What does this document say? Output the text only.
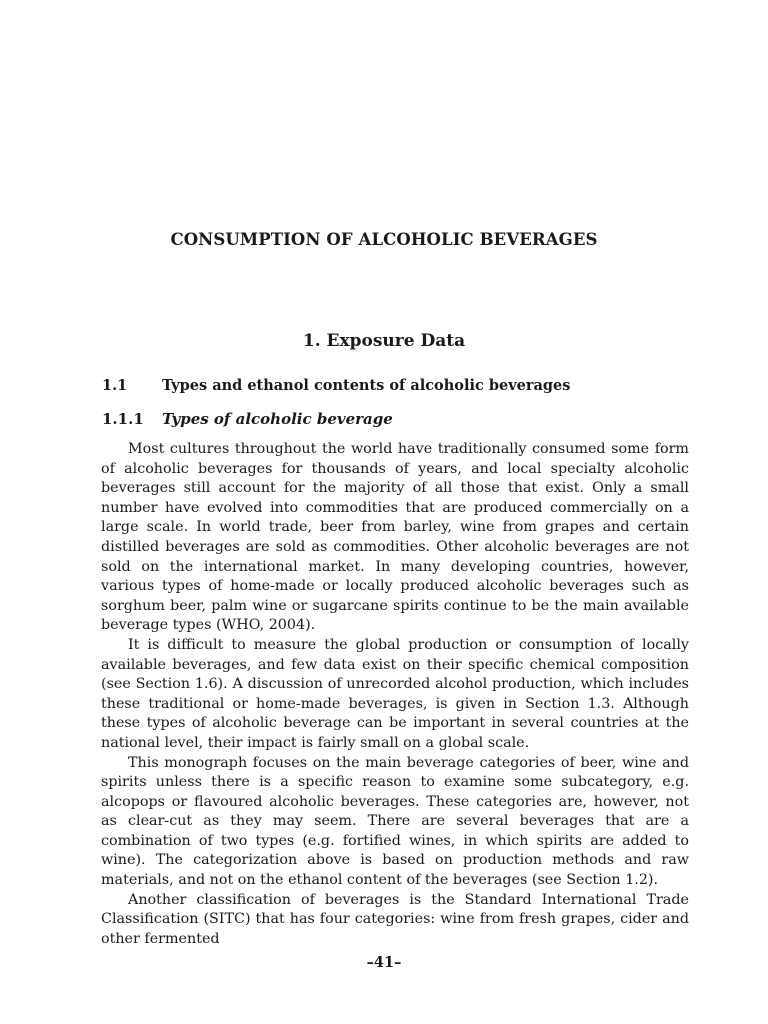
CONSUMPTION OF ALCOHOLIC BEVERAGES
1. Exposure Data
1.1 Types and ethanol contents of alcoholic beverages
1.1.1 Types of alcoholic beverage

Most cultures throughout the world have traditionally consumed some form of alcoholic beverages for thousands of years, and local specialty alcoholic beverages still account for the majority of all those that exist. Only a small number have evolved into commodities that are produced commercially on a large scale. In world trade, beer from barley, wine from grapes and certain distilled beverages are sold as commodities. Other alcoholic beverages are not sold on the international market. In many developing countries, however, various types of home-made or locally produced alcoholic beverages such as sorghum beer, palm wine or sugarcane spirits continue to be the main available beverage types (WHO, 2004).

It is difficult to measure the global production or consumption of locally available beverages, and few data exist on their specific chemical composition (see Section 1.6). A discussion of unrecorded alcohol production, which includes these traditional or home-made beverages, is given in Section 1.3. Although these types of alcoholic beverage can be important in several countries at the national level, their impact is fairly small on a global scale.

This monograph focuses on the main beverage categories of beer, wine and spirits unless there is a specific reason to examine some subcategory, e.g. alcopops or flavoured alcoholic beverages. These categories are, however, not as clear-cut as they may seem. There are several beverages that are a combination of two types (e.g. fortified wines, in which spirits are added to wine). The categorization above is based on production methods and raw materials, and not on the ethanol content of the beverages (see Section 1.2).

Another classification of beverages is the Standard International Trade Classification (SITC) that has four categories: wine from fresh grapes, cider and other fermented

–41–
